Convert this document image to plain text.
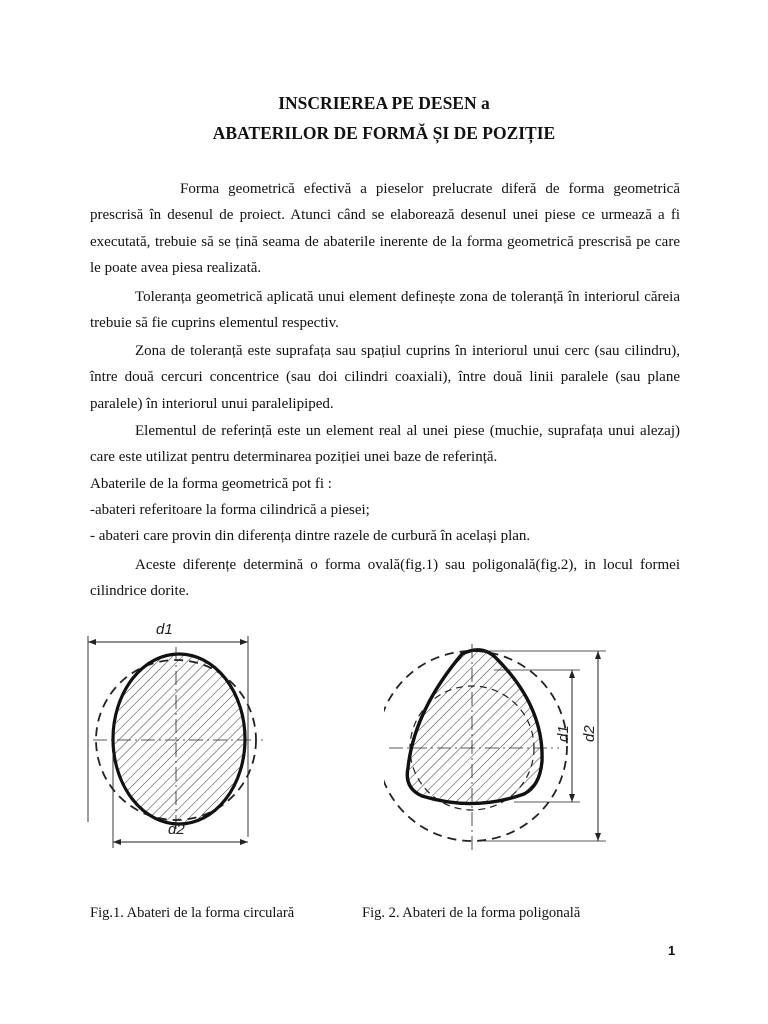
INSCRIEREA PE DESEN a
ABATERILOR DE FORMĂ ȘI DE POZIȚIE

Forma geometrică efectivă a pieselor prelucrate diferă de forma geometrică prescrisă în desenul de proiect. Atunci când se elaborează desenul unei piese ce urmează a fi executată, trebuie să se țină seama de abaterile inerente de la forma geometrică prescrisă pe care le poate avea piesa realizată.

Toleranța geometrică aplicată unui element definește zona de toleranță în interiorul căreia trebuie să fie cuprins elementul respectiv.

Zona de toleranță este suprafața sau spațiul cuprins în interiorul unui cerc (sau cilindru), între două cercuri concentrice (sau doi cilindri coaxiali), între două linii paralele (sau plane paralele) în interiorul unui paralelipiped.

Elementul de referință este un element real al unei piese (muchie, suprafața unui alezaj) care este utilizat pentru determinarea poziției unei baze de referință.

Abaterile de la forma geometrică pot fi :

-abateri referitoare la forma cilindrică a piesei;

- abateri care provin din diferența dintre razele de curbură în același plan.

Aceste diferențe determină o forma ovală(fig.1) sau poligonală(fig.2), in locul formei cilindrice dorite.

d1
d2
d1 d2
Fig.1. Abateri de la forma circulară	Fig. 2. Abateri de la forma poligonală
1
